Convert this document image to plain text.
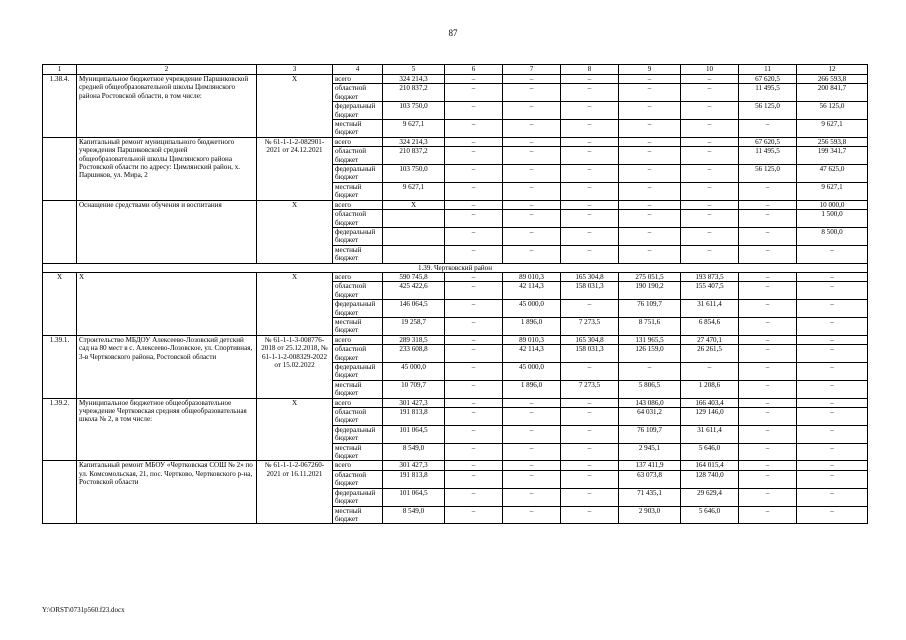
87
1	2	3	4	5	6	7	8	9	10	11	12
1.38.4.	Муниципальное бюджетное учреждение Паршиковской средней общеобразовательной школы Цимлянского района Ростовской области, в том числе:	Х	всего	324 214,3	–	–	–	–	–	67 620,5	266 593,8
			областной бюджет	210 837,2	–	–	–	–	–	11 495,5	200 841,7
			федеральный бюджет	103 750,0	–	–	–	–	–	56 125,0	56 125,0
			местный бюджет	9 627,1	–	–	–	–	–	–	9 627,1
	Капитальный ремонт муниципального бюджетного учреждения Паршиковской средней общеобразовательной школы Цимлянского района Ростовской области по адресу: Цимлянский район, х. Паршиков, ул. Мира, 2	№ 61-1-1-2-082901-2021 от 24.12.2021	всего	324 214,3	–	–	–	–	–	67 620,5	256 593,8
			областной бюджет	210 837,2	–	–	–	–	–	11 495,5	199 341,7
			федеральный бюджет	103 750,0	–	–	–	–	–	56 125,0	47 625,0
			местный бюджет	9 627,1	–	–	–	–	–	–	9 627,1
	Оснащение средствами обучения и воспитания	Х	всего	Х	–	–	–	–	–	–	10 000,0
			областной бюджет		–	–	–	–	–	–	1 500,0
			федеральный бюджет		–	–	–	–	–	–	8 500,0
			местный бюджет		–	–	–	–	–	–	–
1.39. Чертковский район											
Х	Х	Х	всего	590 745,8	–	89 010,3	165 304,8	275 051,5	193 873,5	–	–
			областной бюджет	425 422,6	–	42 114,3	158 031,3	190 190,2	155 407,5	–	–
			федеральный бюджет	146 064,5	–	45 000,0	–	76 109,7	31 611,4	–	–
			местный бюджет	19 258,7	–	1 896,0	7 273,5	8 751,6	6 854,6	–	–
1.39.1.	Строительство МБДОУ Алексеево-Лозовский детский сад на 80 мест в с. Алексеево-Лозовское, ул. Спортивная, 3-в Чертковского района, Ростовской области	№ 61-1-1-3-008776-2018 от 25.12.2018, № 61-1-1-2-008329-2022 от 15.02.2022	всего	289 318,5	–	89 010,3	165 304,8	131 965,5	27 470,1	–	–
			областной бюджет	233 608,8	–	42 114,3	158 031,3	126 159,0	26 261,5	–	–
			федеральный бюджет	45 000,0	–	45 000,0	–	–	–	–	–
			местный бюджет	10 709,7	–	1 896,0	7 273,5	5 806,5	1 208,6	–	–
1.39.2.	Муниципальное бюджетное общеобразовательное учреждение Чертковская средняя общеобразовательная школа № 2, в том числе:	Х	всего	301 427,3	–	–	–	143 086,0	166 403,4	–	–
			областной бюджет	191 813,8	–	–	–	64 031,2	129 146,0	–	–
			федеральный бюджет	101 064,5	–	–	–	76 109,7	31 611,4	–	–
			местный бюджет	8 549,0	–	–	–	2 945,1	5 646,0	–	–
	Капитальный ремонт МБОУ «Чертковская СОШ № 2» по ул. Комсомольская, 21, пос. Чертково, Чертковского р-на, Ростовской области	№ 61-1-1-2-067260-2021 от 16.11.2021	всего	301 427,3	–	–	–	137 411,9	164 015,4	–	–
			областной бюджет	191 813,8	–	–	–	63 073,8	128 740,0	–	–
			федеральный бюджет	101 064,5	–	–	–	71 435,1	29 629,4	–	–
			местный бюджет	8 549,0	–	–	–	2 903,0	5 646,0	–	–
Y:\ORST\0731p560.f23.docx
